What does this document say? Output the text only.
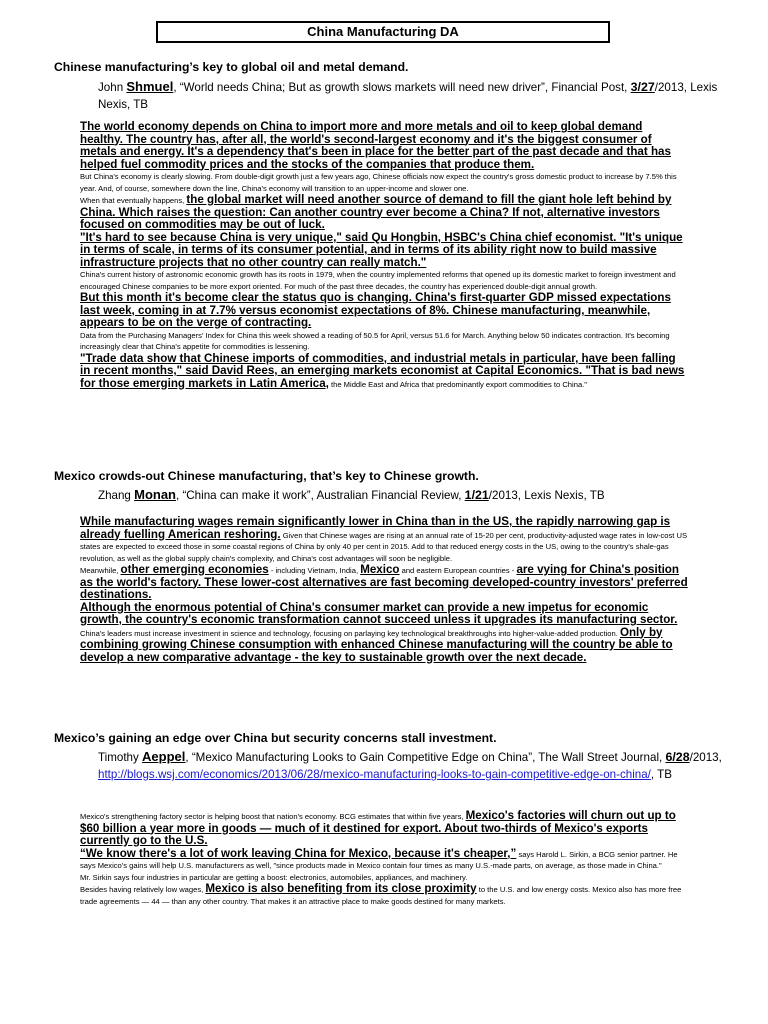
China Manufacturing DA
Chinese manufacturing’s key to global oil and metal demand.
John Shmuel, “World needs China; But as growth slows markets will need new driver”, Financial Post, 3/27/2013, Lexis Nexis, TB

The world economy depends on China to import more and more metals and oil to keep global demand healthy. The country has, after all, the world's second-largest economy and it's the biggest consumer of metals and energy. It's a dependency that's been in place for the better part of the past decade and that has helped fuel commodity prices and the stocks of the companies that produce them.

But China's economy is clearly slowing. From double-digit growth just a few years ago, Chinese officials now expect the country's gross domestic product to increase by 7.5% this year. And, of course, somewhere down the line, China's economy will transition to an upper-income and slower one.

When that eventually happens, the global market will need another source of demand to fill the giant hole left behind by China. Which raises the question: Can another country ever become a China? If not, alternative investors focused on commodities may be out of luck.

"It's hard to see because China is very unique," said Qu Hongbin, HSBC's China chief economist. "It's unique in terms of scale, in terms of its consumer potential, and in terms of its ability right now to build massive infrastructure projects that no other country can really match."

China's current history of astronomic economic growth has its roots in 1979, when the country implemented reforms that opened up its domestic market to foreign investment and encouraged Chinese companies to be more export oriented. For much of the past three decades, the country has experienced double-digit annual growth.

But this month it's become clear the status quo is changing. China's first-quarter GDP missed expectations last week, coming in at 7.7% versus economist expectations of 8%. Chinese manufacturing, meanwhile, appears to be on the verge of contracting.

Data from the Purchasing Managers' Index for China this week showed a reading of 50.5 for April, versus 51.6 for March. Anything below 50 indicates contraction. It's becoming increasingly clear that China's appetite for commodities is lessening.

"Trade data show that Chinese imports of commodities, and industrial metals in particular, have been falling in recent months," said David Rees, an emerging markets economist at Capital Economics. "That is bad news for those emerging markets in Latin America, the Middle East and Africa that predominantly export commodities to China."

Mexico crowds-out Chinese manufacturing, that’s key to Chinese growth.
Zhang Monan, “China can make it work”, Australian Financial Review, 1/21/2013, Lexis Nexis, TB

While manufacturing wages remain significantly lower in China than in the US, the rapidly narrowing gap is already fuelling American reshoring. Given that Chinese wages are rising at an annual rate of 15-20 per cent, productivity-adjusted wage rates in low-cost US states are expected to exceed those in some coastal regions of China by only 40 per cent in 2015. Add to that reduced energy costs in the US, owing to the country's shale-gas revolution, as well as the global supply chain's complexity, and China's cost advantages will soon be negligible.

Meanwhile, other emerging economies - including Vietnam, India, Mexico and eastern European countries - are vying for China's position as the world's factory. These lower-cost alternatives are fast becoming developed-country investors' preferred destinations.

Although the enormous potential of China's consumer market can provide a new impetus for economic growth, the country's economic transformation cannot succeed unless it upgrades its manufacturing sector.

China's leaders must increase investment in science and technology, focusing on parlaying key technological breakthroughs into higher-value-added production. Only by combining growing Chinese consumption with enhanced Chinese manufacturing will the country be able to develop a new comparative advantage - the key to sustainable growth over the next decade.

Mexico’s gaining an edge over China but security concerns stall investment.
Timothy Aeppel, “Mexico Manufacturing Looks to Gain Competitive Edge on China”, The Wall Street Journal, 6/28/2013, http://blogs.wsj.com/economics/2013/06/28/mexico-manufacturing-looks-to-gain-competitive-edge-on-china/, TB

Mexico's strengthening factory sector is helping boost that nation's economy. BCG estimates that within five years, Mexico's factories will churn out up to $60 billion a year more in goods — much of it destined for export. About two-thirds of Mexico's exports currently go to the U.S.

“We know there's a lot of work leaving China for Mexico, because it's cheaper,” says Harold L. Sirkin, a BCG senior partner. He says Mexico's gains will help U.S. manufacturers as well, "since products made in Mexico contain four times as many U.S.-made parts, on average, as those made in China."

Mr. Sirkin says four industries in particular are getting a boost: electronics, automobiles, appliances, and machinery.

Besides having relatively low wages, Mexico is also benefiting from its close proximity to the U.S. and low energy costs. Mexico also has more free trade agreements — 44 — than any other country. That makes it an attractive place to make goods destined for many markets.
